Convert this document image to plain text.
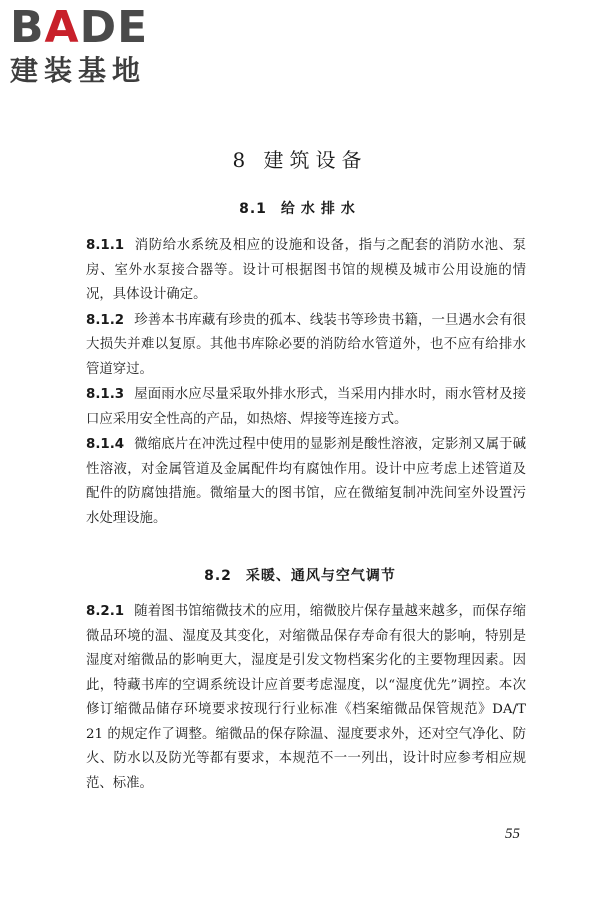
BADE
建装基地
8 建筑设备
8.1 给水排水

8.1.1 消防给水系统及相应的设施和设备，指与之配套的消防水池、泵房、室外水泵接合器等。设计可根据图书馆的规模及城市公用设施的情况，具体设计确定。

8.1.2 珍善本书库藏有珍贵的孤本、线装书等珍贵书籍，一旦遇水会有很大损失并难以复原。其他书库除必要的消防给水管道外，也不应有给排水管道穿过。

8.1.3 屋面雨水应尽量采取外排水形式，当采用内排水时，雨水管材及接口应采用安全性高的产品，如热熔、焊接等连接方式。

8.1.4 微缩底片在冲洗过程中使用的显影剂是酸性溶液，定影剂又属于碱性溶液，对金属管道及金属配件均有腐蚀作用。设计中应考虑上述管道及配件的防腐蚀措施。微缩量大的图书馆，应在微缩复制冲洗间室外设置污水处理设施。

8.2 采暖、通风与空气调节

8.2.1 随着图书馆缩微技术的应用，缩微胶片保存量越来越多，而保存缩微品环境的温、湿度及其变化，对缩微品保存寿命有很大的影响，特别是湿度对缩微品的影响更大，湿度是引发文物档案劣化的主要物理因素。因此，特藏书库的空调系统设计应首要考虑湿度，以“湿度优先”调控。本次修订缩微品储存环境要求按现行行业标准《档案缩微品保管规范》DA/T 21 的规定作了调整。缩微品的保存除温、湿度要求外，还对空气净化、防火、防水以及防光等都有要求，本规范不一一列出，设计时应参考相应规范、标准。

55
